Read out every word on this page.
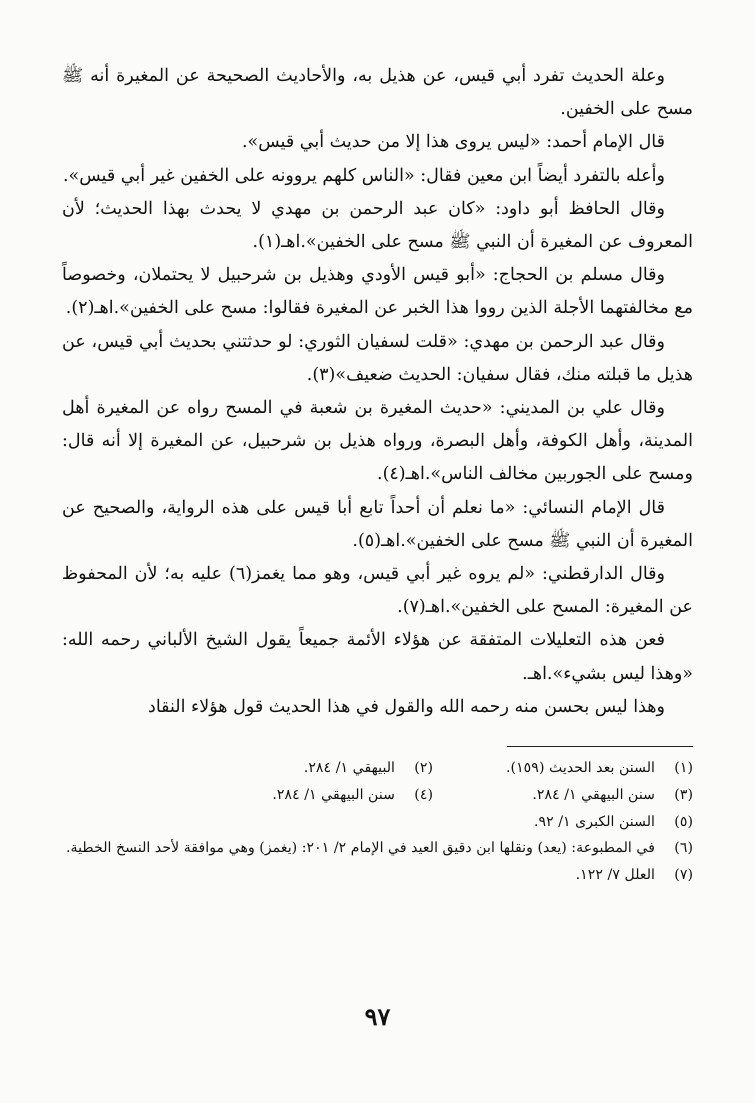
وعلة الحديث تفرد أبي قيس، عن هذيل به، والأحاديث الصحيحة عن المغيرة أنه ﷺ مسح على الخفين.

قال الإمام أحمد: «ليس يروى هذا إلا من حديث أبي قيس».

وأعله بالتفرد أيضاً ابن معين فقال: «الناس كلهم يروونه على الخفين غير أبي قيس».

وقال الحافظ أبو داود: «كان عبد الرحمن بن مهدي لا يحدث بهذا الحديث؛ لأن المعروف عن المغيرة أن النبي ﷺ مسح على الخفين».اهـ(١).

وقال مسلم بن الحجاج: «أبو قيس الأودي وهذيل بن شرحبيل لا يحتملان، وخصوصاً مع مخالفتهما الأجلة الذين رووا هذا الخبر عن المغيرة فقالوا: مسح على الخفين».اهـ(٢).

وقال عبد الرحمن بن مهدي: «قلت لسفيان الثوري: لو حدثتني بحديث أبي قيس، عن هذيل ما قبلته منك، فقال سفيان: الحديث ضعيف»(٣).

وقال علي بن المديني: «حديث المغيرة بن شعبة في المسح رواه عن المغيرة أهل المدينة، وأهل الكوفة، وأهل البصرة، ورواه هذيل بن شرحبيل، عن المغيرة إلا أنه قال: ومسح على الجوربين مخالف الناس».اهـ(٤).

قال الإمام النسائي: «ما نعلم أن أحداً تابع أبا قيس على هذه الرواية، والصحيح عن المغيرة أن النبي ﷺ مسح على الخفين».اهـ(٥).

وقال الدارقطني: «لم يروه غير أبي قيس، وهو مما يغمز(٦) عليه به؛ لأن المحفوظ عن المغيرة: المسح على الخفين».اهـ(٧).

فعن هذه التعليلات المتفقة عن هؤلاء الأئمة جميعاً يقول الشيخ الألباني رحمه الله: «وهذا ليس بشيء».اهـ.

وهذا ليس بحسن منه رحمه الله والقول في هذا الحديث قول هؤلاء النقاد

(١)
السنن بعد الحديث (١٥٩).
(٢)
البيهقي ١/ ٢٨٤.
(٣)
سنن البيهقي ١/ ٢٨٤.
(٤)
سنن البيهقي ١/ ٢٨٤.
(٥)
السنن الكبرى ١/ ٩٢.
(٦)
في المطبوعة: (يعد) ونقلها ابن دقيق العيد في الإمام ٢/ ٢٠١: (يغمز) وهي موافقة لأحد النسخ الخطية.
(٧)
العلل ٧/ ١٢٢.
٩٧
